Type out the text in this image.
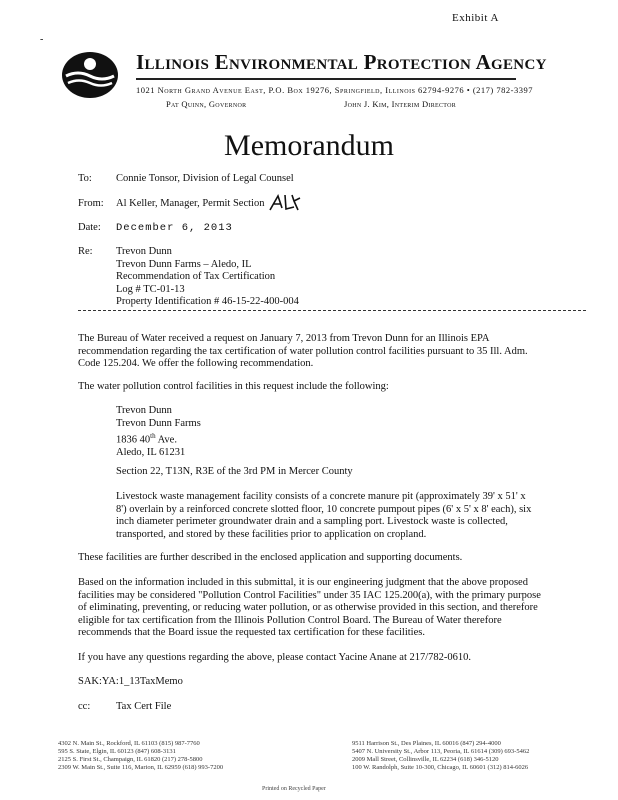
Exhibit A
-
Illinois Environmental Protection Agency
1021 North Grand Avenue East, P.O. Box 19276, Springfield, Illinois 62794-9276 • (217) 782-3397
Pat Quinn, Governor	John J. Kim, Interim Director
Memorandum
To: Connie Tonsor, Division of Legal Counsel
From: Al Keller, Manager, Permit Section
Date: December 6, 2013
Re: Trevon Dunn
Trevon Dunn Farms – Aledo, IL
Recommendation of Tax Certification
Log # TC-01-13
Property Identification # 46-15-22-400-004
The Bureau of Water received a request on January 7, 2013 from Trevon Dunn for an Illinois EPA
recommendation regarding the tax certification of water pollution control facilities pursuant to 35 Ill. Adm.
Code 125.204. We offer the following recommendation.
The water pollution control facilities in this request include the following:
Trevon Dunn
Trevon Dunn Farms
1836 40th Ave.
Aledo, IL 61231
Section 22, T13N, R3E of the 3rd PM in Mercer County
Livestock waste management facility consists of a concrete manure pit (approximately 39' x 51' x
8') overlain by a reinforced concrete slotted floor, 10 concrete pumpout pipes (6' x 5' x 8' each), six
inch diameter perimeter groundwater drain and a sampling port. Livestock waste is collected,
transported, and stored by these facilities prior to application on cropland.
These facilities are further described in the enclosed application and supporting documents.
Based on the information included in this submittal, it is our engineering judgment that the above proposed
facilities may be considered "Pollution Control Facilities" under 35 IAC 125.200(a), with the primary purpose
of eliminating, preventing, or reducing water pollution, or as otherwise provided in this section, and therefore
eligible for tax certification from the Illinois Pollution Control Board. The Bureau of Water therefore
recommends that the Board issue the requested tax certification for these facilities.
If you have any questions regarding the above, please contact Yacine Anane at 217/782-0610.
SAK:YA:1_13TaxMemo
cc: Tax Cert File
4302 N. Main St., Rockford, IL 61103 (815) 987-7760
595 S. State, Elgin, IL 60123 (847) 608-3131
2125 S. First St., Champaign, IL 61820 (217) 278-5800
2309 W. Main St., Suite 116, Marion, IL 62959 (618) 993-7200
9511 Harrison St., Des Plaines, IL 60016 (847) 294-4000
5407 N. University St., Arbor 113, Peoria, IL 61614 (309) 693-5462
2009 Mall Street, Collinsville, IL 62234 (618) 346-5120
100 W. Randolph, Suite 10-300, Chicago, IL 60601 (312) 814-6026
Printed on Recycled Paper
